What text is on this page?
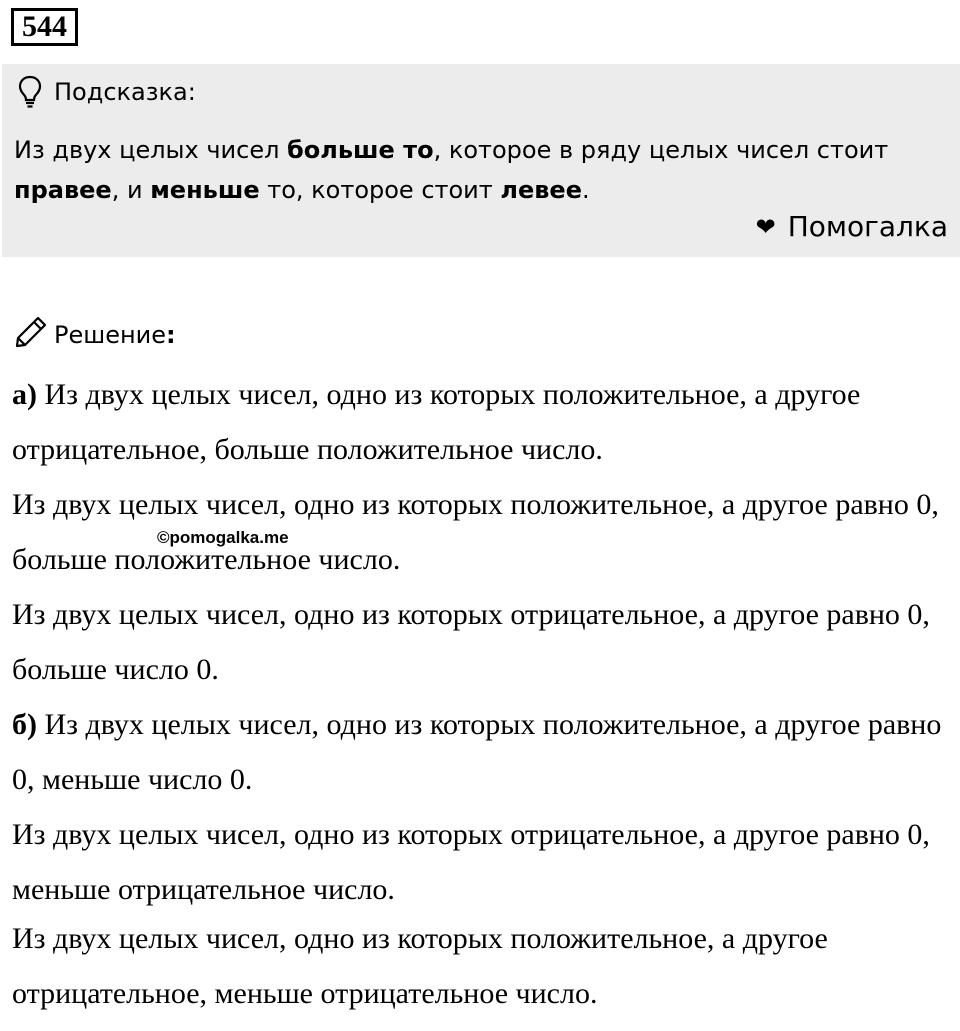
544
Подсказка:
Из двух целых чисел больше то, которое в ряду целых чисел стоит правее, и меньше то, которое стоит левее.
❤ Помогалка
Решение:

а) Из двух целых чисел, одно из которых положительное, а другое отрицательное, больше положительное число.

Из двух целых чисел, одно из которых положительное, а другое равно 0, больше положительное число.

Из двух целых чисел, одно из которых отрицательное, а другое равно 0, больше число 0.

б) Из двух целых чисел, одно из которых положительное, а другое равно 0, меньше число 0.

Из двух целых чисел, одно из которых отрицательное, а другое равно 0, меньше отрицательное число.

Из двух целых чисел, одно из которых положительное, а другое отрицательное, меньше отрицательное число.

©pomogalka.me
